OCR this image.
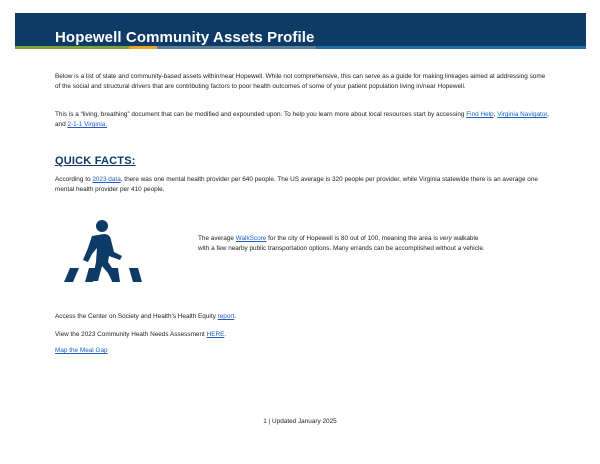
Hopewell Community Assets Profile
Below is a list of state and community-based assets within/near Hopewell. While not comprehensive, this can serve as a guide for making linkages aimed at addressing some of the social and structural drivers that are contributing factors to poor health outcomes of some of your patient population living in/near Hopewell.
This is a “living, breathing” document that can be modified and expounded upon. To help you learn more about local resources start by accessing Find Help, Virginia Navigator, and 2-1-1 Virginia.
QUICK FACTS:
According to 2023 data, there was one mental health provider per 640 people. The US average is 320 people per provider, while Virginia statewide there is an average one mental health provider per 410 people.
The average WalkScore for the city of Hopewell is 80 out of 100, meaning the area is very walkable with a few nearby public transportation options. Many errands can be accomplished without a vehicle.
Access the Center on Society and Health’s Health Equity report.
View the 2023 Community Heath Needs Assessment HERE.
Map the Meal Gap
1 | Updated January 2025
